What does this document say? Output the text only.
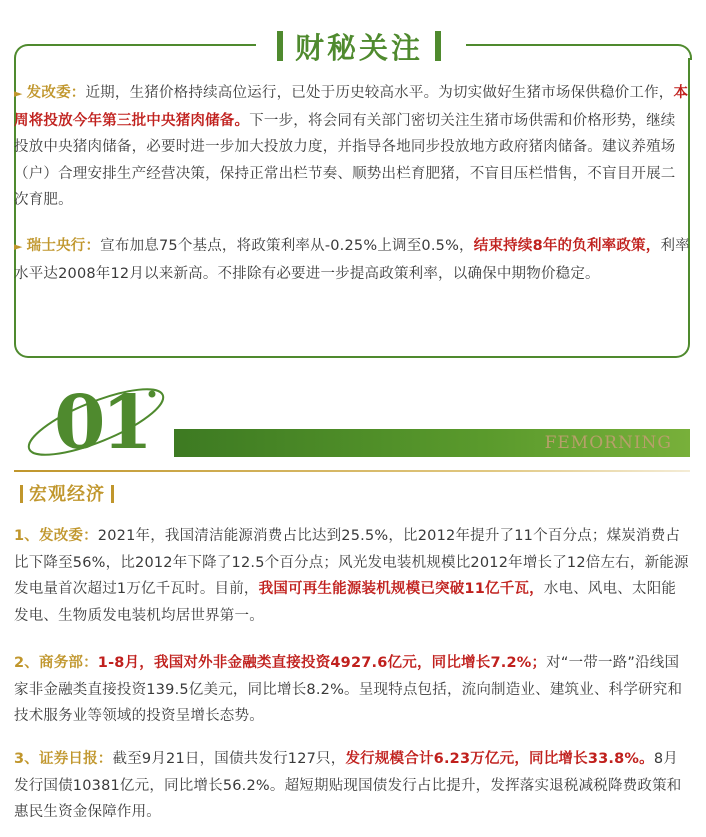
财秘关注
► 发改委：近期，生猪价格持续高位运行，已处于历史较高水平。为切实做好生猪市场保供稳价工作，本周将投放今年第三批中央猪肉储备。下一步，将会同有关部门密切关注生猪市场供需和价格形势，继续投放中央猪肉储备，必要时进一步加大投放力度，并指导各地同步投放地方政府猪肉储备。建议养殖场（户）合理安排生产经营决策，保持正常出栏节奏、顺势出栏育肥猪，不盲目压栏惜售，不盲目开展二次育肥。
► 瑞士央行：宣布加息75个基点，将政策利率从-0.25%上调至0.5%，结束持续8年的负利率政策，利率水平达2008年12月以来新高。不排除有必要进一步提高政策利率，以确保中期物价稳定。
01	FEMORNING
宏观经济
1、发改委：2021年，我国清洁能源消费占比达到25.5%，比2012年提升了11个百分点；煤炭消费占比下降至56%，比2012年下降了12.5个百分点；风光发电装机规模比2012年增长了12倍左右，新能源发电量首次超过1万亿千瓦时。目前，我国可再生能源装机规模已突破11亿千瓦，水电、风电、太阳能发电、生物质发电装机均居世界第一。
2、商务部：1-8月，我国对外非金融类直接投资4927.6亿元，同比增长7.2%；对“一带一路”沿线国家非金融类直接投资139.5亿美元，同比增长8.2%。呈现特点包括，流向制造业、建筑业、科学研究和技术服务业等领域的投资呈增长态势。
3、证券日报：截至9月21日，国债共发行127只，发行规模合计6.23万亿元，同比增长33.8%。8月发行国债10381亿元，同比增长56.2%。超短期贴现国债发行占比提升，发挥落实退税减税降费政策和惠民生资金保障作用。
